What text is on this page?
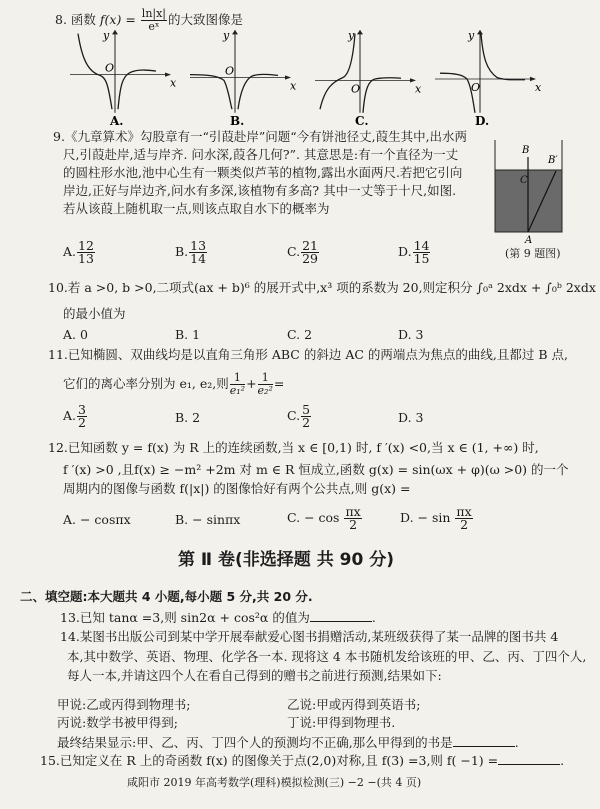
8. 函数 $f(x) = \frac{\ln|x|}{\text{eˣ}}$ 的大致图像是
y
x
O
A.
y
x
O
B.
y
x
O
C.
y
x
O
D.
9.《九章算术》勾股章有一“引葭赴岸”问题“今有饼池径丈,葭生其中,出水两
尺,引葭赴岸,适与岸齐. 问水深,葭各几何?”. 其意思是:有一个直径为一丈
的圆柱形水池,池中心生有一颗类似芦苇的植物,露出水面两尺.若把它引向
岸边,正好与岸边齐,问水有多深,该植物有多高? 其中一丈等于十尺,如图.
若从该葭上随机取一点,则该点取自水下的概率为
A. $\frac{12}{13}$	B. $\frac{13}{14}$	C. $\frac{21}{29}$	D. $\frac{14}{15}$
B
B′
C
A
(第 9 题图)
10.若 a >0, b >0,二项式(ax + b)⁶ 的展开式中,x³ 项的系数为 20,则定积分 ∫₀ᵃ 2xdx + ∫₀ᵇ 2xdx
的最小值为
A. 0	B. 1	C. 2	D. 3
11.已知椭圆、双曲线均是以直角三角形 ABC 的斜边 AC 的两端点为焦点的曲线,且都过 B 点,
它们的离心率分别为 e₁, e₂,则 $\frac{1}{\text{e₁²}} + \frac{1}{\text{e₂²}}$ =
A. $\frac{3}{2}$	B. 2	C. $\frac{5}{2}$	D. 3
12.已知函数 y = f(x) 为 R 上的连续函数,当 x ∈ [0,1) 时, f ′(x) <0,当 x ∈ (1, +∞) 时,
f ′(x) >0 ,且f(x) ≥ −m² +2m 对 m ∈ R 恒成立,函数 g(x) = sin(ωx + φ)(ω >0) 的一个
周期内的图像与函数 f(|x|) 的图像恰好有两个公共点,则 g(x) =
A. − cosπx	B. − sinπx	C. − $\cos \frac{\pi x}{2}$	D. − $\sin \frac{\pi x}{2}$
第 Ⅱ 卷(非选择题 共 90 分)
二、填空题:本大题共 4 小题,每小题 5 分,共 20 分.
13.已知 tanα =3,则 sin2α + cos²α 的值为	.
14.某图书出版公司到某中学开展奉献爱心图书捐赠活动,某班级获得了某一品牌的图书共 4
本,其中数学、英语、物理、化学各一本. 现将这 4 本书随机发给该班的甲、乙、丙、丁四个人,
每人一本,并请这四个人在看自己得到的赠书之前进行预测,结果如下:
甲说:乙或丙得到物理书;	乙说:甲或丙得到英语书;
丙说:数学书被甲得到;	丁说:甲得到物理书.
最终结果显示:甲、乙、丙、丁四个人的预测均不正确,那么甲得到的书是	.
15.已知定义在 R 上的奇函数 f(x) 的图像关于点(2,0)对称,且 f(3) =3,则 f( −1) =	.
咸阳市 2019 年高考数学(理科)模拟检测(三) −2 −(共 4 页)
